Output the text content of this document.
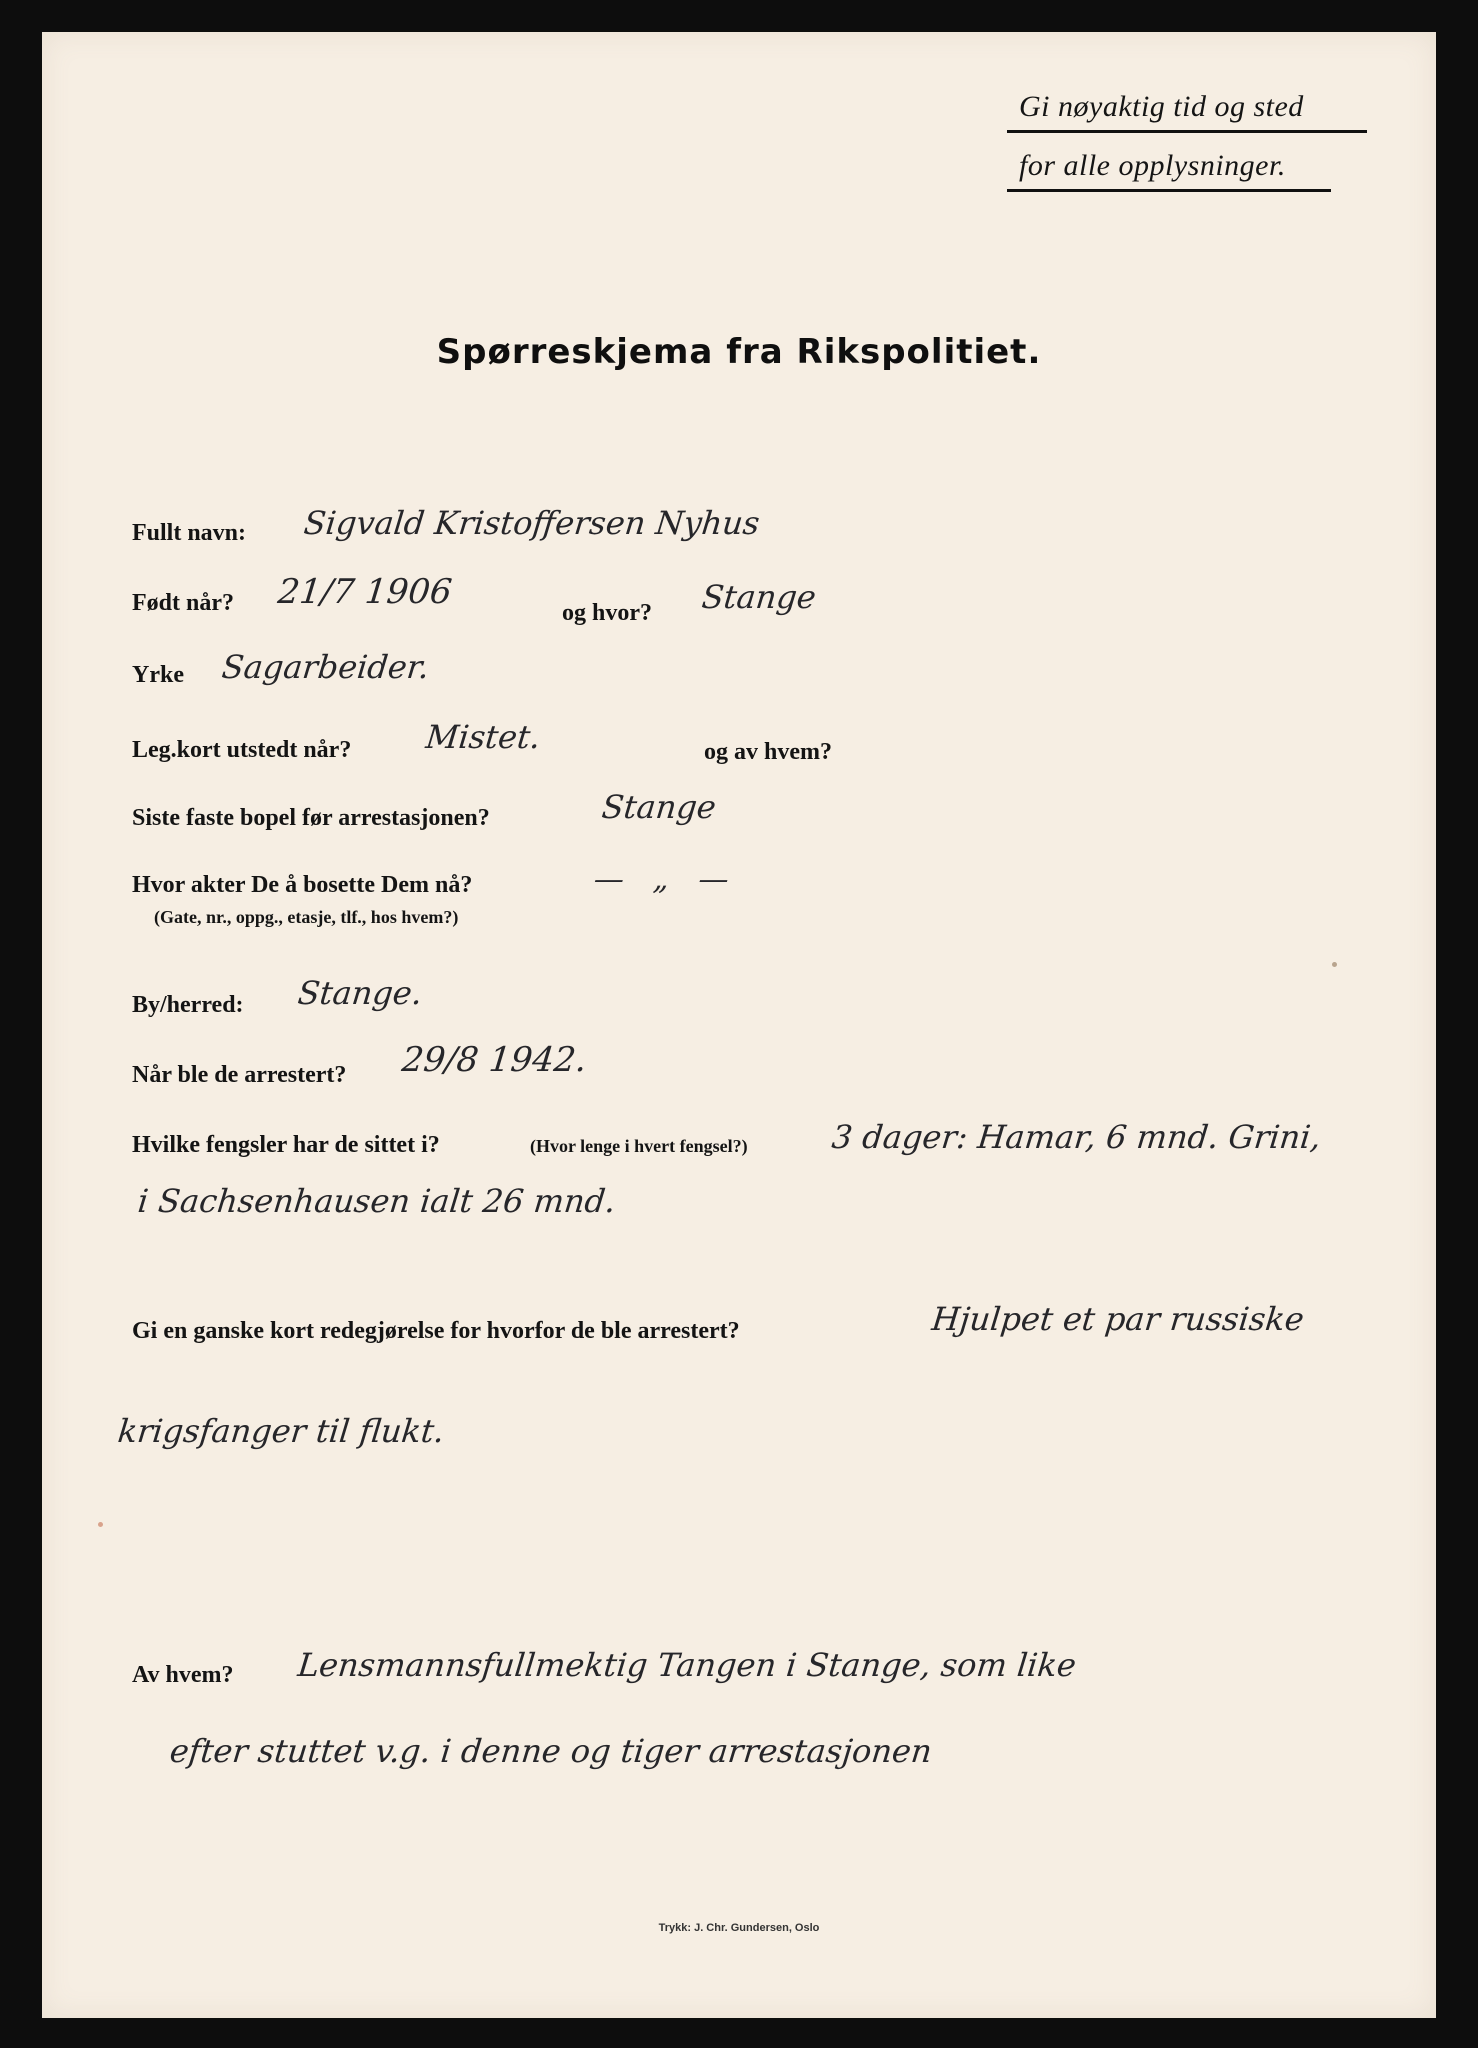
Gi nøyaktig tid og sted
for alle opplysninger.
Spørreskjema fra Rikspolitiet.
Fullt navn: Sigvald Kristoffersen Nyhus
Født når? 21/7 1906
og hvor? Stange
Yrke Sagarbeider.
Leg.kort utstedt når? Mistet.	og av hvem?
Siste faste bopel før arrestasjonen?	Stange
Hvor akter De å bosette Dem nå?
(Gate, nr., oppg., etasje, tlf., hos hvem?)
— „ —
By/herred: Stange.
Når ble de arrestert? 29/8 1942.
Hvilke fengsler har de sittet i?	(Hvor lenge i hvert fengsel?)	3 dager: Hamar, 6 mnd. Grini,
i Sachsenhausen ialt 26 mnd.
Gi en ganske kort redegjørelse for hvorfor de ble arrestert?	Hjulpet et par russiske
krigsfanger til flukt.
Av hvem? Lensmannsfullmektig Tangen i Stange, som like
efter stuttet v.g. i denne og tiger arrestasjonen
Trykk: J. Chr. Gundersen, Oslo
